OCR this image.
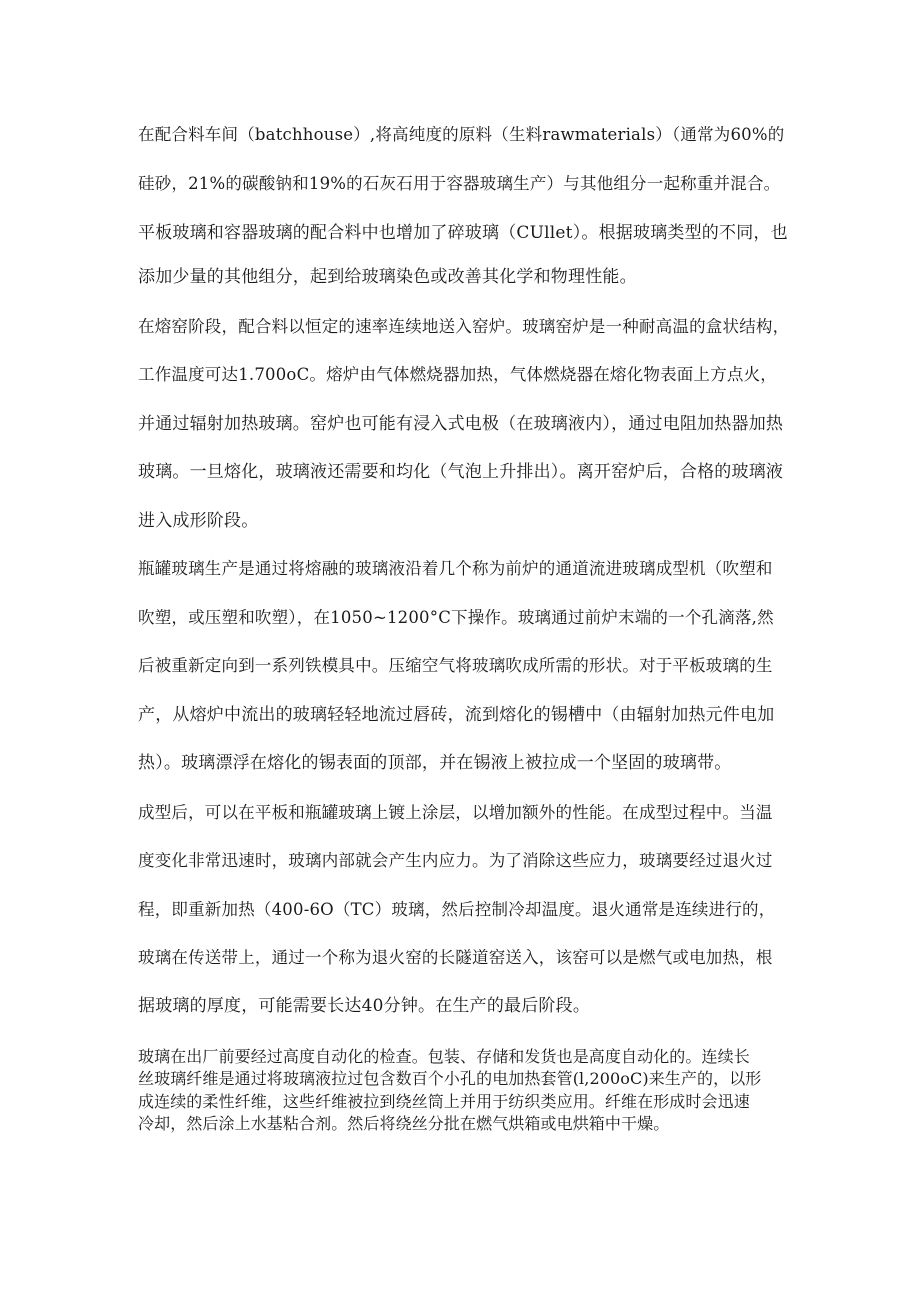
在配合料车间（batchhouse）,将高纯度的原料（生料rawmaterials）（通常为60%的
硅砂，21%的碳酸钠和19%的石灰石用于容器玻璃生产）与其他组分一起称重并混合。
平板玻璃和容器玻璃的配合料中也增加了碎玻璃（CUllet）。根据玻璃类型的不同，也
添加少量的其他组分，起到给玻璃染色或改善其化学和物理性能。
在熔窑阶段，配合料以恒定的速率连续地送入窑炉。玻璃窑炉是一种耐高温的盒状结构，
工作温度可达1.700oC。熔炉由气体燃烧器加热，气体燃烧器在熔化物表面上方点火，
并通过辐射加热玻璃。窑炉也可能有浸入式电极（在玻璃液内），通过电阻加热器加热
玻璃。一旦熔化，玻璃液还需要和均化（气泡上升排出）。离开窑炉后，合格的玻璃液
进入成形阶段。
瓶罐玻璃生产是通过将熔融的玻璃液沿着几个称为前炉的通道流进玻璃成型机（吹塑和
吹塑，或压塑和吹塑），在1050~1200°C下操作。玻璃通过前炉末端的一个孔滴落,然
后被重新定向到一系列铁模具中。压缩空气将玻璃吹成所需的形状。对于平板玻璃的生
产，从熔炉中流出的玻璃轻轻地流过唇砖，流到熔化的锡槽中（由辐射加热元件电加
热）。玻璃漂浮在熔化的锡表面的顶部，并在锡液上被拉成一个坚固的玻璃带。
成型后，可以在平板和瓶罐玻璃上镀上涂层，以增加额外的性能。在成型过程中。当温
度变化非常迅速时，玻璃内部就会产生内应力。为了消除这些应力，玻璃要经过退火过
程，即重新加热（400-6O（TC）玻璃，然后控制冷却温度。退火通常是连续进行的，
玻璃在传送带上，通过一个称为退火窑的长隧道窑送入，该窑可以是燃气或电加热，根
据玻璃的厚度，可能需要长达40分钟。在生产的最后阶段。
玻璃在出厂前要经过高度自动化的检查。包装、存储和发货也是高度自动化的。连续长
丝玻璃纤维是通过将玻璃液拉过包含数百个小孔的电加热套管(l,200oC)来生产的，以形
成连续的柔性纤维，这些纤维被拉到绕丝筒上并用于纺织类应用。纤维在形成时会迅速
冷却，然后涂上水基粘合剂。然后将绕丝分批在燃气烘箱或电烘箱中干燥。
